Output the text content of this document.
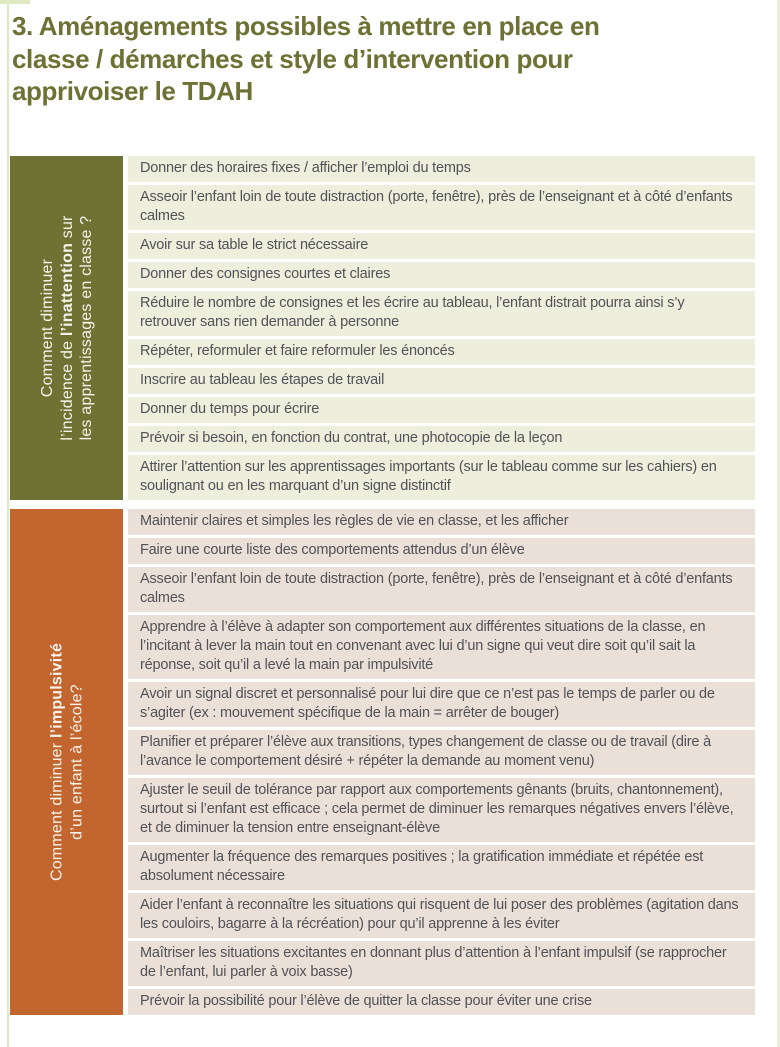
3. Aménagements possibles à mettre en place en classe / démarches et style d’intervention pour apprivoiser le TDAH
Comment diminuer l’incidence de l’inattention sur les apprentissages en classe ?
Donner des horaires fixes / afficher l’emploi du temps
Asseoir l’enfant loin de toute distraction (porte, fenêtre), près de l’enseignant et à côté d’enfants calmes
Avoir sur sa table le strict nécessaire
Donner des consignes courtes et claires
Réduire le nombre de consignes et les écrire au tableau, l’enfant distrait pourra ainsi s’y retrouver sans rien demander à personne
Répéter, reformuler et faire reformuler les énoncés
Inscrire au tableau les étapes de travail
Donner du temps pour écrire
Prévoir si besoin, en fonction du contrat, une photocopie de la leçon
Attirer l’attention sur les apprentissages importants (sur le tableau comme sur les cahiers) en soulignant ou en les marquant d’un signe distinctif
Comment diminuer l’impulsivité d’un enfant à l’école?
Maintenir claires et simples les règles de vie en classe, et les afficher
Faire une courte liste des comportements attendus d’un élève
Asseoir l’enfant loin de toute distraction (porte, fenêtre), près de l’enseignant et à côté d’enfants calmes
Apprendre à l’élève à adapter son comportement aux différentes situations de la classe, en l’incitant à lever la main tout en convenant avec lui d’un signe qui veut dire soit qu’il sait la réponse, soit qu’il a levé la main par impulsivité
Avoir un signal discret et personnalisé pour lui dire que ce n’est pas le temps de parler ou de s’agiter (ex : mouvement spécifique de la main = arrêter de bouger)
Planifier et préparer l’élève aux transitions, types changement de classe ou de travail (dire à l’avance le comportement désiré + répéter la demande au moment venu)
Ajuster le seuil de tolérance par rapport aux comportements gênants (bruits, chantonnement), surtout si l’enfant est efficace ; cela permet de diminuer les remarques négatives envers l’élève, et de diminuer la tension entre enseignant-élève
Augmenter la fréquence des remarques positives ; la gratification immédiate et répétée est absolument nécessaire
Aider l’enfant à reconnaître les situations qui risquent de lui poser des problèmes (agitation dans les couloirs, bagarre à la récréation) pour qu’il apprenne à les éviter
Maîtriser les situations excitantes en donnant plus d’attention à l’enfant impulsif (se rapprocher de l’enfant, lui parler à voix basse)
Prévoir la possibilité pour l’élève de quitter la classe pour éviter une crise
